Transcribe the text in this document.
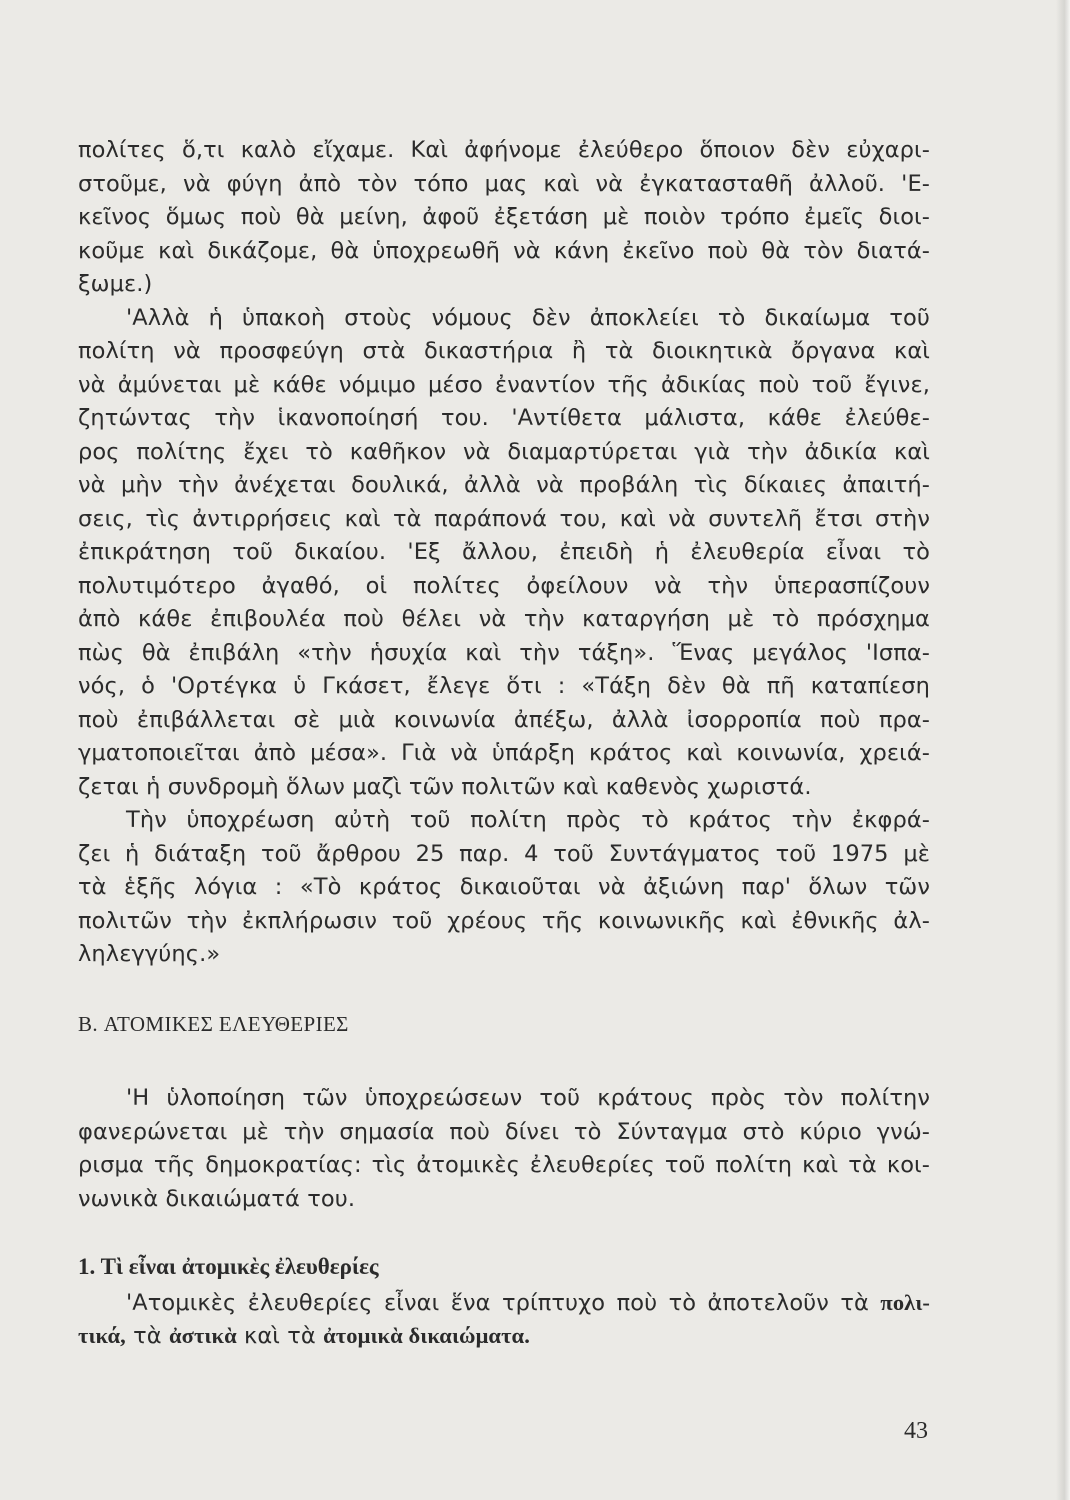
πολίτες ὅ,τι καλὸ εἴχαμε. Καὶ ἀφήνομε ἐλεύθερο ὅποιον δὲν εὐχαρι-
στοῦμε, νὰ φύγη ἀπὸ τὸν τόπο μας καὶ νὰ ἐγκατασταθῆ ἀλλοῦ. 'Ε-
κεῖνος ὅμως ποὺ θὰ μείνη, ἀφοῦ ἐξετάση μὲ ποιὸν τρόπο ἐμεῖς διοι-
κοῦμε καὶ δικάζομε, θὰ ὑποχρεωθῆ νὰ κάνη ἐκεῖνο ποὺ θὰ τὸν διατά-
ξωμε.)
'Αλλὰ ἡ ὑπακοὴ στοὺς νόμους δὲν ἀποκλείει τὸ δικαίωμα τοῦ
πολίτη νὰ προσφεύγη στὰ δικαστήρια ἢ τὰ διοικητικὰ ὄργανα καὶ
νὰ ἀμύνεται μὲ κάθε νόμιμο μέσο ἐναντίον τῆς ἀδικίας ποὺ τοῦ ἔγινε,
ζητώντας τὴν ἱκανοποίησή του. 'Αντίθετα μάλιστα, κάθε ἐλεύθε-
ρος πολίτης ἔχει τὸ καθῆκον νὰ διαμαρτύρεται γιὰ τὴν ἀδικία καὶ
νὰ μὴν τὴν ἀνέχεται δουλικά, ἀλλὰ νὰ προβάλη τὶς δίκαιες ἀπαιτή-
σεις, τὶς ἀντιρρήσεις καὶ τὰ παράπονά του, καὶ νὰ συντελῆ ἔτσι στὴν
ἐπικράτηση τοῦ δικαίου. 'Εξ ἄλλου, ἐπειδὴ ἡ ἐλευθερία εἶναι τὸ
πολυτιμότερο ἀγαθό, οἱ πολίτες ὀφείλουν νὰ τὴν ὑπερασπίζουν
ἀπὸ κάθε ἐπιβουλέα ποὺ θέλει νὰ τὴν καταργήση μὲ τὸ πρόσχημα
πὼς θὰ ἐπιβάλη «τὴν ἡσυχία καὶ τὴν τάξη». Ἕνας μεγάλος 'Ισπα-
νός, ὁ 'Ορτέγκα ὑ Γκάσετ, ἔλεγε ὅτι : «Τάξη δὲν θὰ πῆ καταπίεση
ποὺ ἐπιβάλλεται σὲ μιὰ κοινωνία ἀπέξω, ἀλλὰ ἰσορροπία ποὺ πρα-
γματοποιεῖται ἀπὸ μέσα». Γιὰ νὰ ὑπάρξη κράτος καὶ κοινωνία, χρειά-
ζεται ἡ συνδρομὴ ὅλων μαζὶ τῶν πολιτῶν καὶ καθενὸς χωριστά.
Τὴν ὑποχρέωση αὐτὴ τοῦ πολίτη πρὸς τὸ κράτος τὴν ἐκφρά-
ζει ἡ διάταξη τοῦ ἄρθρου 25 παρ. 4 τοῦ Συντάγματος τοῦ 1975 μὲ
τὰ ἑξῆς λόγια : «Τὸ κράτος δικαιοῦται νὰ ἀξιώνη παρ' ὅλων τῶν
πολιτῶν τὴν ἐκπλήρωσιν τοῦ χρέους τῆς κοινωνικῆς καὶ ἐθνικῆς ἀλ-
ληλεγγύης.»
B. ΑΤΟΜΙΚΕΣ ΕΛΕΥΘΕΡΙΕΣ
'Η ὑλοποίηση τῶν ὑποχρεώσεων τοῦ κράτους πρὸς τὸν πολίτην
φανερώνεται μὲ τὴν σημασία ποὺ δίνει τὸ Σύνταγμα στὸ κύριο γνώ-
ρισμα τῆς δημοκρατίας: τὶς ἀτομικὲς ἐλευθερίες τοῦ πολίτη καὶ τὰ κοι-
νωνικὰ δικαιώματά του.
1. Τὶ εἶναι ἀτομικὲς ἐλευθερίες
'Ατομικὲς ἐλευθερίες εἶναι ἕνα τρίπτυχο ποὺ τὸ ἀποτελοῦν τὰ πολι-
τικά, τὰ ἀστικὰ καὶ τὰ ἀτομικὰ δικαιώματα.
43
